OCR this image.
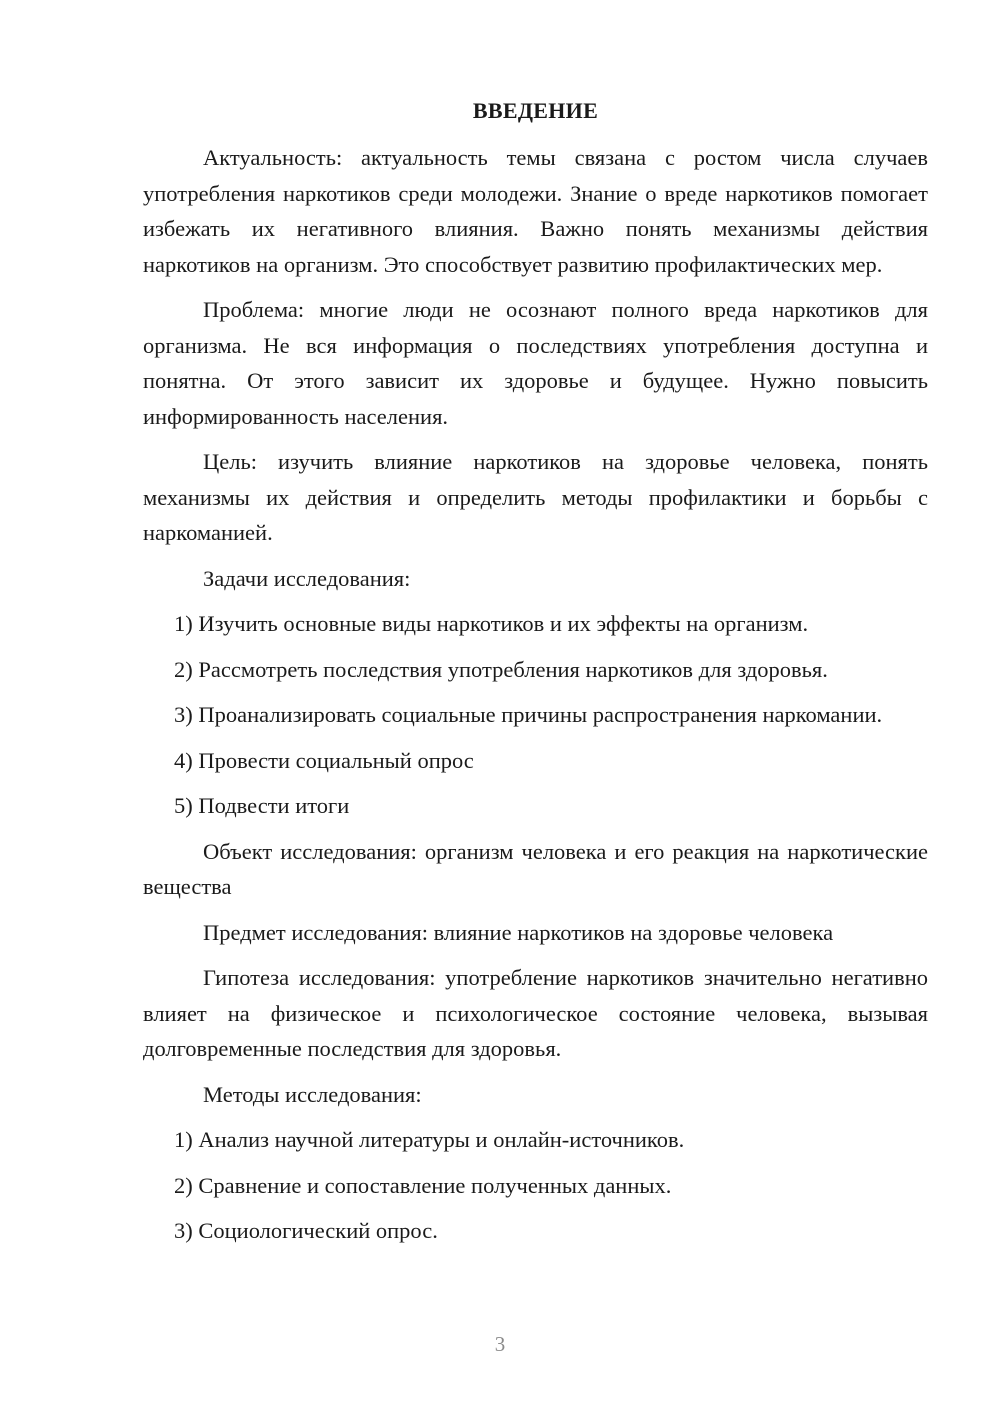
ВВЕДЕНИЕ

Актуальность: актуальность темы связана с ростом числа случаев употребления наркотиков среди молодежи. Знание о вреде наркотиков помогает избежать их негативного влияния. Важно понять механизмы действия наркотиков на организм. Это способствует развитию профилактических мер.

Проблема: многие люди не осознают полного вреда наркотиков для организма. Не вся информация о последствиях употребления доступна и понятна. От этого зависит их здоровье и будущее. Нужно повысить информированность населения.

Цель: изучить влияние наркотиков на здоровье человека, понять механизмы их действия и определить методы профилактики и борьбы с наркоманией.

Задачи исследования:

1) Изучить основные виды наркотиков и их эффекты на организм.

2) Рассмотреть последствия употребления наркотиков для здоровья.

3) Проанализировать социальные причины распространения наркомании.

4) Провести социальный опрос

5) Подвести итоги

Объект исследования: организм человека и его реакция на наркотические вещества

Предмет исследования: влияние наркотиков на здоровье человека

Гипотеза исследования: употребление наркотиков значительно негативно влияет на физическое и психологическое состояние человека, вызывая долговременные последствия для здоровья.

Методы исследования:

1) Анализ научной литературы и онлайн-источников.

2) Сравнение и сопоставление полученных данных.

3) Социологический опрос.

3
